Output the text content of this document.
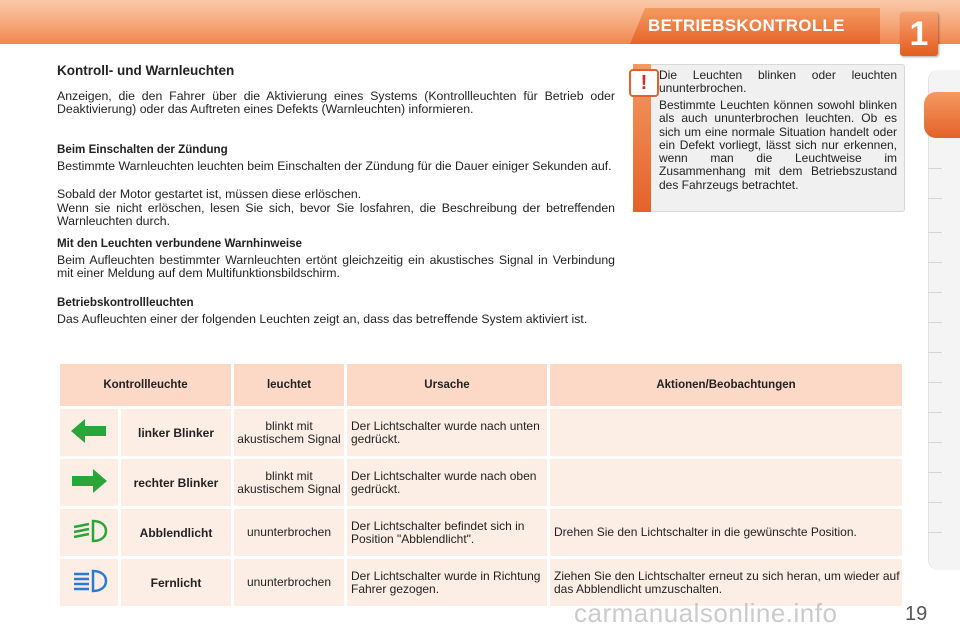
BETRIEBSKONTROLLE 1
Kontroll- und Warnleuchten
Anzeigen, die den Fahrer über die Aktivierung eines Systems (Kontrollleuchten für Betrieb oder Deaktivierung) oder das Auftreten eines Defekts (Warnleuchten) informieren.
Beim Einschalten der Zündung
Bestimmte Warnleuchten leuchten beim Einschalten der Zündung für die Dauer einiger Sekunden auf.
Sobald der Motor gestartet ist, müssen diese erlöschen.
Wenn sie nicht erlöschen, lesen Sie sich, bevor Sie losfahren, die Beschreibung der betreffenden Warnleuchten durch.
Mit den Leuchten verbundene Warnhinweise
Beim Aufleuchten bestimmter Warnleuchten ertönt gleichzeitig ein akustisches Signal in Verbindung mit einer Meldung auf dem Multifunktionsbildschirm.
Betriebskontrollleuchten
Das Aufleuchten einer der folgenden Leuchten zeigt an, dass das betreffende System aktiviert ist.
! Die Leuchten blinken oder leuchten ununterbrochen.
Bestimmte Leuchten können sowohl blinken als auch ununterbrochen leuchten. Ob es sich um eine normale Situation handelt oder ein Defekt vorliegt, lässt sich nur erkennen, wenn man die Leuchtweise im Zusammenhang mit dem Betriebszustand des Fahrzeugs betrachtet.
Kontrollleuchte		leuchtet	Ursache	Aktionen/Beobachtungen
	linker Blinker	blinkt mit akustischem Signal	Der Lichtschalter wurde nach unten gedrückt.	
	rechter Blinker	blinkt mit akustischem Signal	Der Lichtschalter wurde nach oben gedrückt.	
	Abblendlicht	ununterbrochen	Der Lichtschalter befindet sich in Position "Abblendlicht".	Drehen Sie den Lichtschalter in die gewünschte Position.
	Fernlicht	ununterbrochen	Der Lichtschalter wurde in Richtung Fahrer gezogen.	Ziehen Sie den Lichtschalter erneut zu sich heran, um wieder auf das Abblendlicht umzuschalten.
carmanualsonline.info	19
